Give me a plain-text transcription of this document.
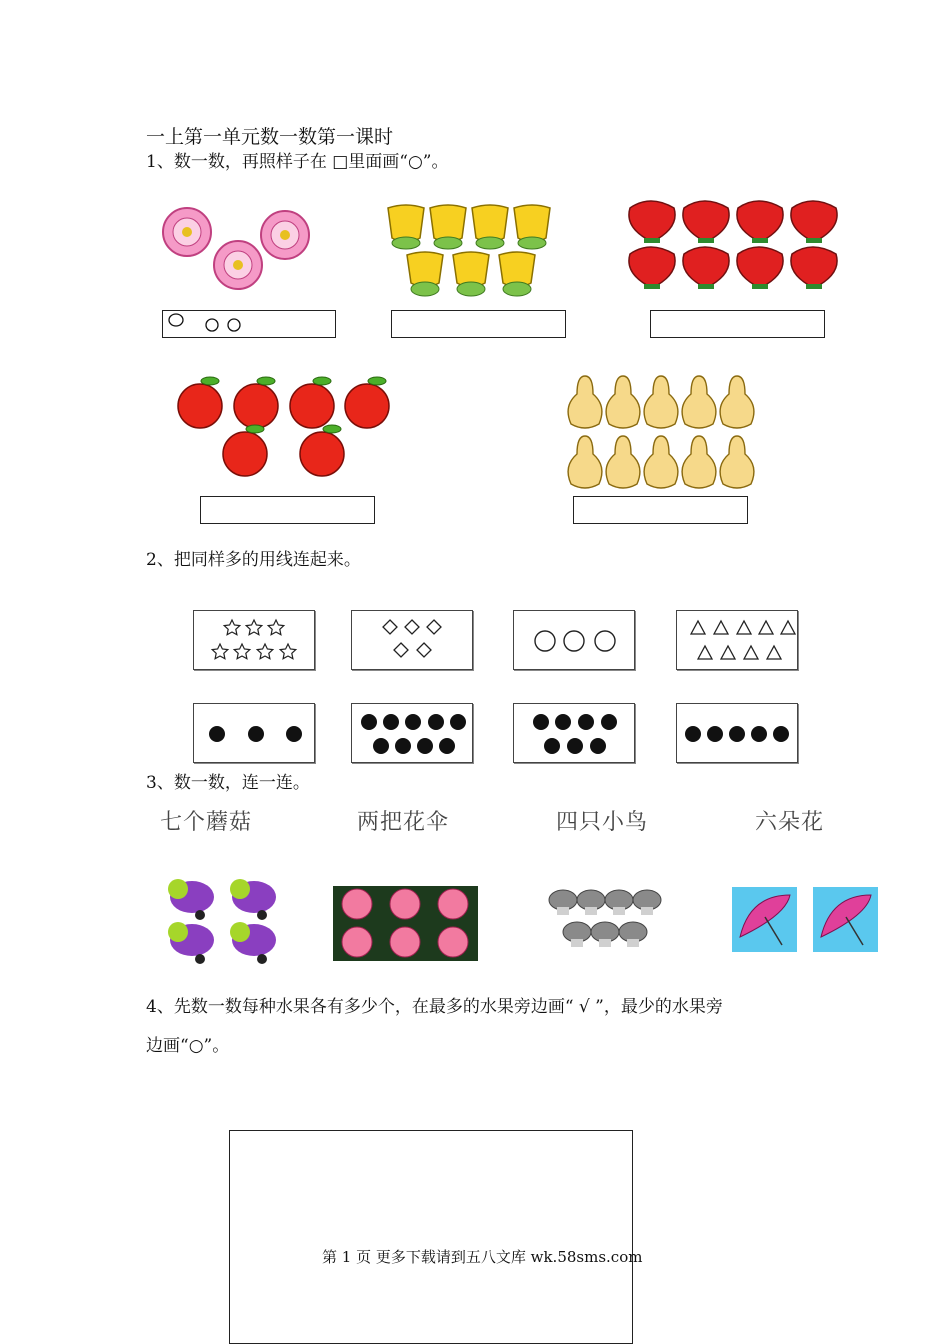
一上第一单元数一数第一课时
1、数一数，再照样子在 □里面画“○”。
2、把同样多的用线连起来。
3、数一数，连一连。
七个蘑菇	两把花伞	四只小鸟	六朵花
4、先数一数每种水果各有多少个，在最多的水果旁边画“ √ ”，最少的水果旁
边画“○”。
第 1 页 更多下载请到五八文库 wk.58sms.com
